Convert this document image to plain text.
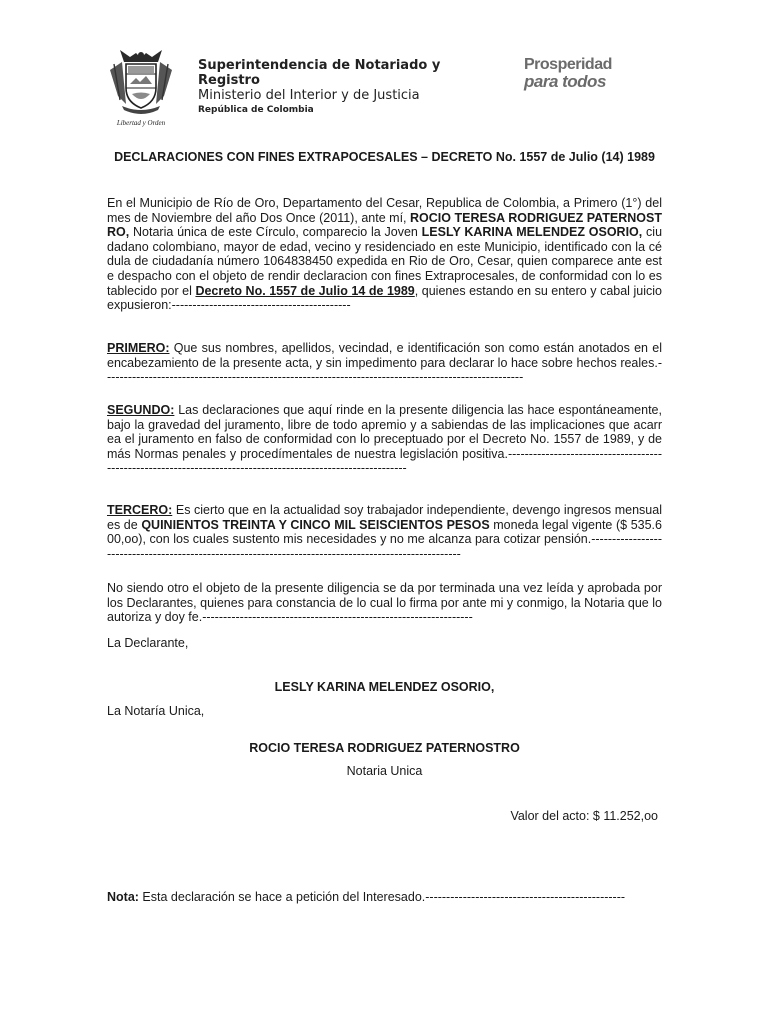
Libertad y Orden
Superintendencia de Notariado y Registro
Ministerio del Interior y de Justicia
República de Colombia
Prosperidad
para todos
DECLARACIONES CON FINES EXTRAPOCESALES – DECRETO No. 1557 de Julio (14) 1989
En el Municipio de Río de Oro, Departamento del Cesar, Republica de Colombia, a Primero (1°) del mes de Noviembre del año Dos Once (2011), ante mí, ROCIO TERESA RODRIGUEZ PATERNOSTRO, Notaria única de este Círculo, comparecio la Joven LESLY KARINA MELENDEZ OSORIO, ciudadano colombiano, mayor de edad, vecino y residenciado en este Municipio, identificado con la cédula de ciudadanía número 1064838450 expedida en Rio de Oro, Cesar, quien comparece ante este despacho con el objeto de rendir declaracion con fines Extraprocesales, de conformidad con lo establecido por el Decreto No. 1557 de Julio 14 de 1989, quienes estando en su entero y cabal juicio expusieron:-------------------------------------------
PRIMERO: Que sus nombres, apellidos, vecindad, e identificación son como están anotados en el encabezamiento de la presente acta, y sin impedimento para declarar lo hace sobre hechos reales.-----------------------------------------------------------------------------------------------------
SEGUNDO: Las declaraciones que aquí rinde en la presente diligencia las hace espontáneamente, bajo la gravedad del juramento, libre de todo apremio y a sabiendas de las implicaciones que acarrea el juramento en falso de conformidad con lo preceptuado por el Decreto No. 1557 de 1989, y demás Normas penales y procedímentales de nuestra legislación positiva.-------------------------------------------------------------------------------------------------------------
TERCERO: Es cierto que en la actualidad soy trabajador independiente, devengo ingresos mensuales de QUINIENTOS TREINTA Y CINCO MIL SEISCIENTOS PESOS moneda legal vigente ($ 535.600,oo), con los cuales sustento mis necesidades y no me alcanza para cotizar pensión.------------------------------------------------------------------------------------------------------
No siendo otro el objeto de la presente diligencia se da por terminada una vez leída y aprobada por los Declarantes, quienes para constancia de lo cual lo firma por ante mi y conmigo, la Notaria que lo autoriza y doy fe.-----------------------------------------------------------------
La Declarante,
LESLY KARINA MELENDEZ OSORIO,
La Notaría Unica,
ROCIO TERESA RODRIGUEZ PATERNOSTRO
Notaria Unica
Valor del acto: $ 11.252,oo
Nota: Esta declaración se hace a petición del Interesado.------------------------------------------------
